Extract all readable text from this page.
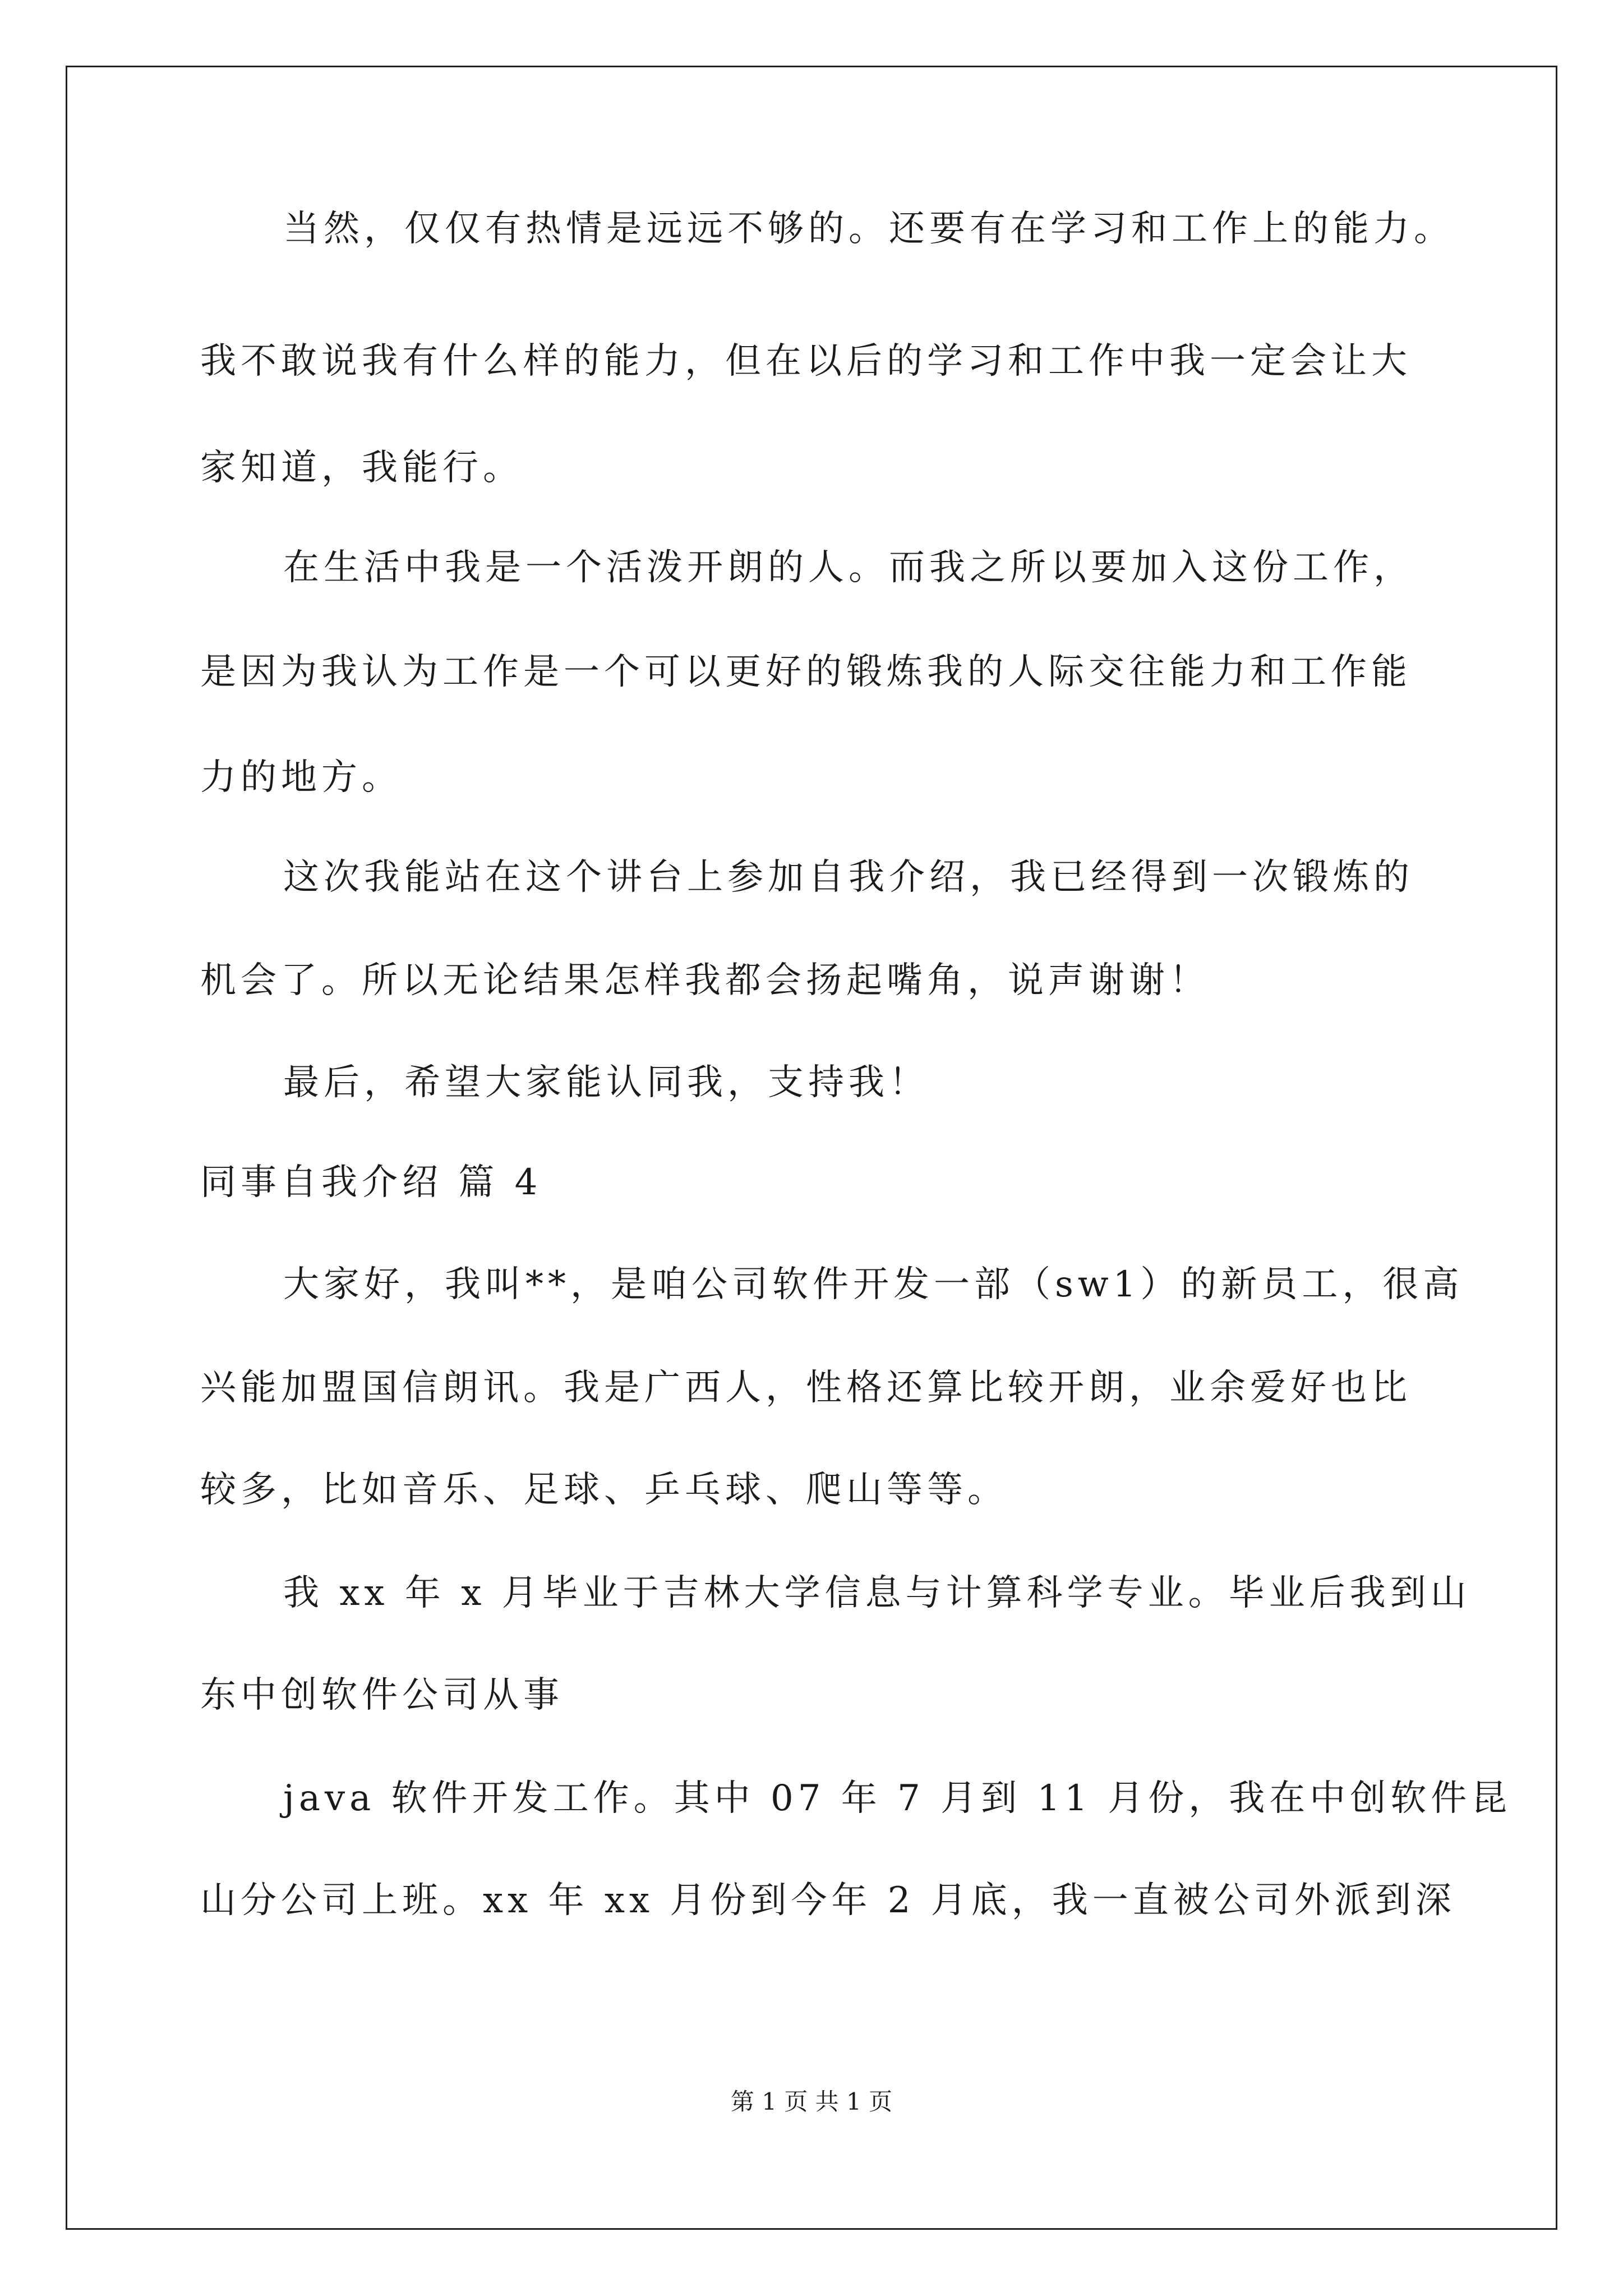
当然，仅仅有热情是远远不够的。还要有在学习和工作上的能力。
我不敢说我有什么样的能力，但在以后的学习和工作中我一定会让大
家知道，我能行。
在生活中我是一个活泼开朗的人。而我之所以要加入这份工作，
是因为我认为工作是一个可以更好的锻炼我的人际交往能力和工作能
力的地方。
这次我能站在这个讲台上参加自我介绍，我已经得到一次锻炼的
机会了。所以无论结果怎样我都会扬起嘴角，说声谢谢！
最后，希望大家能认同我，支持我！
同事自我介绍 篇 4
大家好，我叫**，是咱公司软件开发一部（sw1）的新员工，很高
兴能加盟国信朗讯。我是广西人，性格还算比较开朗，业余爱好也比
较多，比如音乐、足球、乒乓球、爬山等等。
我 xx 年 x 月毕业于吉林大学信息与计算科学专业。毕业后我到山
东中创软件公司从事
java 软件开发工作。其中 07 年 7 月到 11 月份，我在中创软件昆
山分公司上班。xx 年 xx 月份到今年 2 月底，我一直被公司外派到深
第 1 页 共 1 页
